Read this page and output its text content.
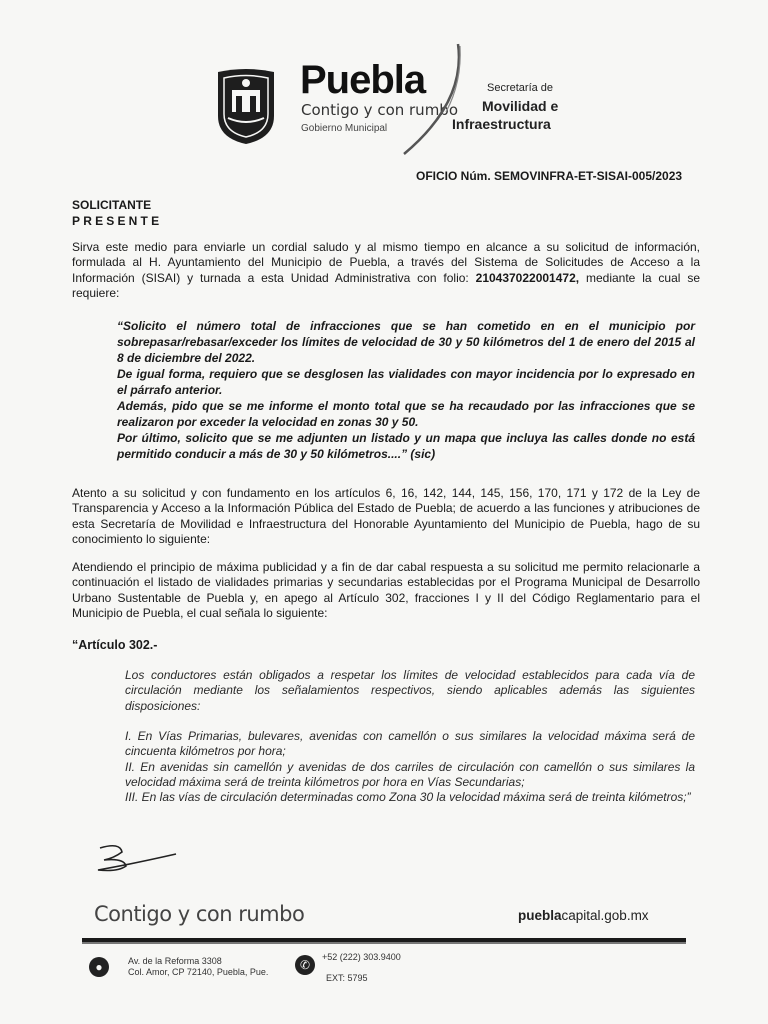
Puebla
Contigo y con rumbo
Gobierno Municipal
Secretaría de
Movilidad e
Infraestructura
OFICIO Núm. SEMOVINFRA-ET-SISAI-005/2023
SOLICITANTE
PRESENTE
Sirva este medio para enviarle un cordial saludo y al mismo tiempo en alcance a su solicitud de información, formulada al H. Ayuntamiento del Municipio de Puebla, a través del Sistema de Solicitudes de Acceso a la Información (SISAI) y turnada a esta Unidad Administrativa con folio: 210437022001472, mediante la cual se requiere:
“Solicito el número total de infracciones que se han cometido en en el municipio por sobrepasar/rebasar/exceder los límites de velocidad de 30 y 50 kilómetros del 1 de enero del 2015 al 8 de diciembre del 2022.
De igual forma, requiero que se desglosen las vialidades con mayor incidencia por lo expresado en el párrafo anterior.
Además, pido que se me informe el monto total que se ha recaudado por las infracciones que se realizaron por exceder la velocidad en zonas 30 y 50.
Por último, solicito que se me adjunten un listado y un mapa que incluya las calles donde no está permitido conducir a más de 30 y 50 kilómetros....” (sic)
Atento a su solicitud y con fundamento en los artículos 6, 16, 142, 144, 145, 156, 170, 171 y 172 de la Ley de Transparencia y Acceso a la Información Pública del Estado de Puebla; de acuerdo a las funciones y atribuciones de esta Secretaría de Movilidad e Infraestructura del Honorable Ayuntamiento del Municipio de Puebla, hago de su conocimiento lo siguiente:
Atendiendo el principio de máxima publicidad y a fin de dar cabal respuesta a su solicitud me permito relacionarle a continuación el listado de vialidades primarias y secundarias establecidas por el Programa Municipal de Desarrollo Urbano Sustentable de Puebla y, en apego al Artículo 302, fracciones I y II del Código Reglamentario para el Municipio de Puebla, el cual señala lo siguiente:
“Artículo 302.-
Los conductores están obligados a respetar los límites de velocidad establecidos para cada vía de circulación mediante los señalamientos respectivos, siendo aplicables además las siguientes disposiciones:
I. En Vías Primarias, bulevares, avenidas con camellón o sus similares la velocidad máxima será de cincuenta kilómetros por hora;
II. En avenidas sin camellón y avenidas de dos carriles de circulación con camellón o sus similares la velocidad máxima será de treinta kilómetros por hora en Vías Secundarias;
III. En las vías de circulación determinadas como Zona 30 la velocidad máxima será de treinta kilómetros;”
Contigo y con rumbo	pueblacapital.gob.mx
●	Av. de la Reforma 3308
Col. Amor, CP 72140, Puebla, Pue.	✆
+52 (222) 303.9400
EXT: 5795
